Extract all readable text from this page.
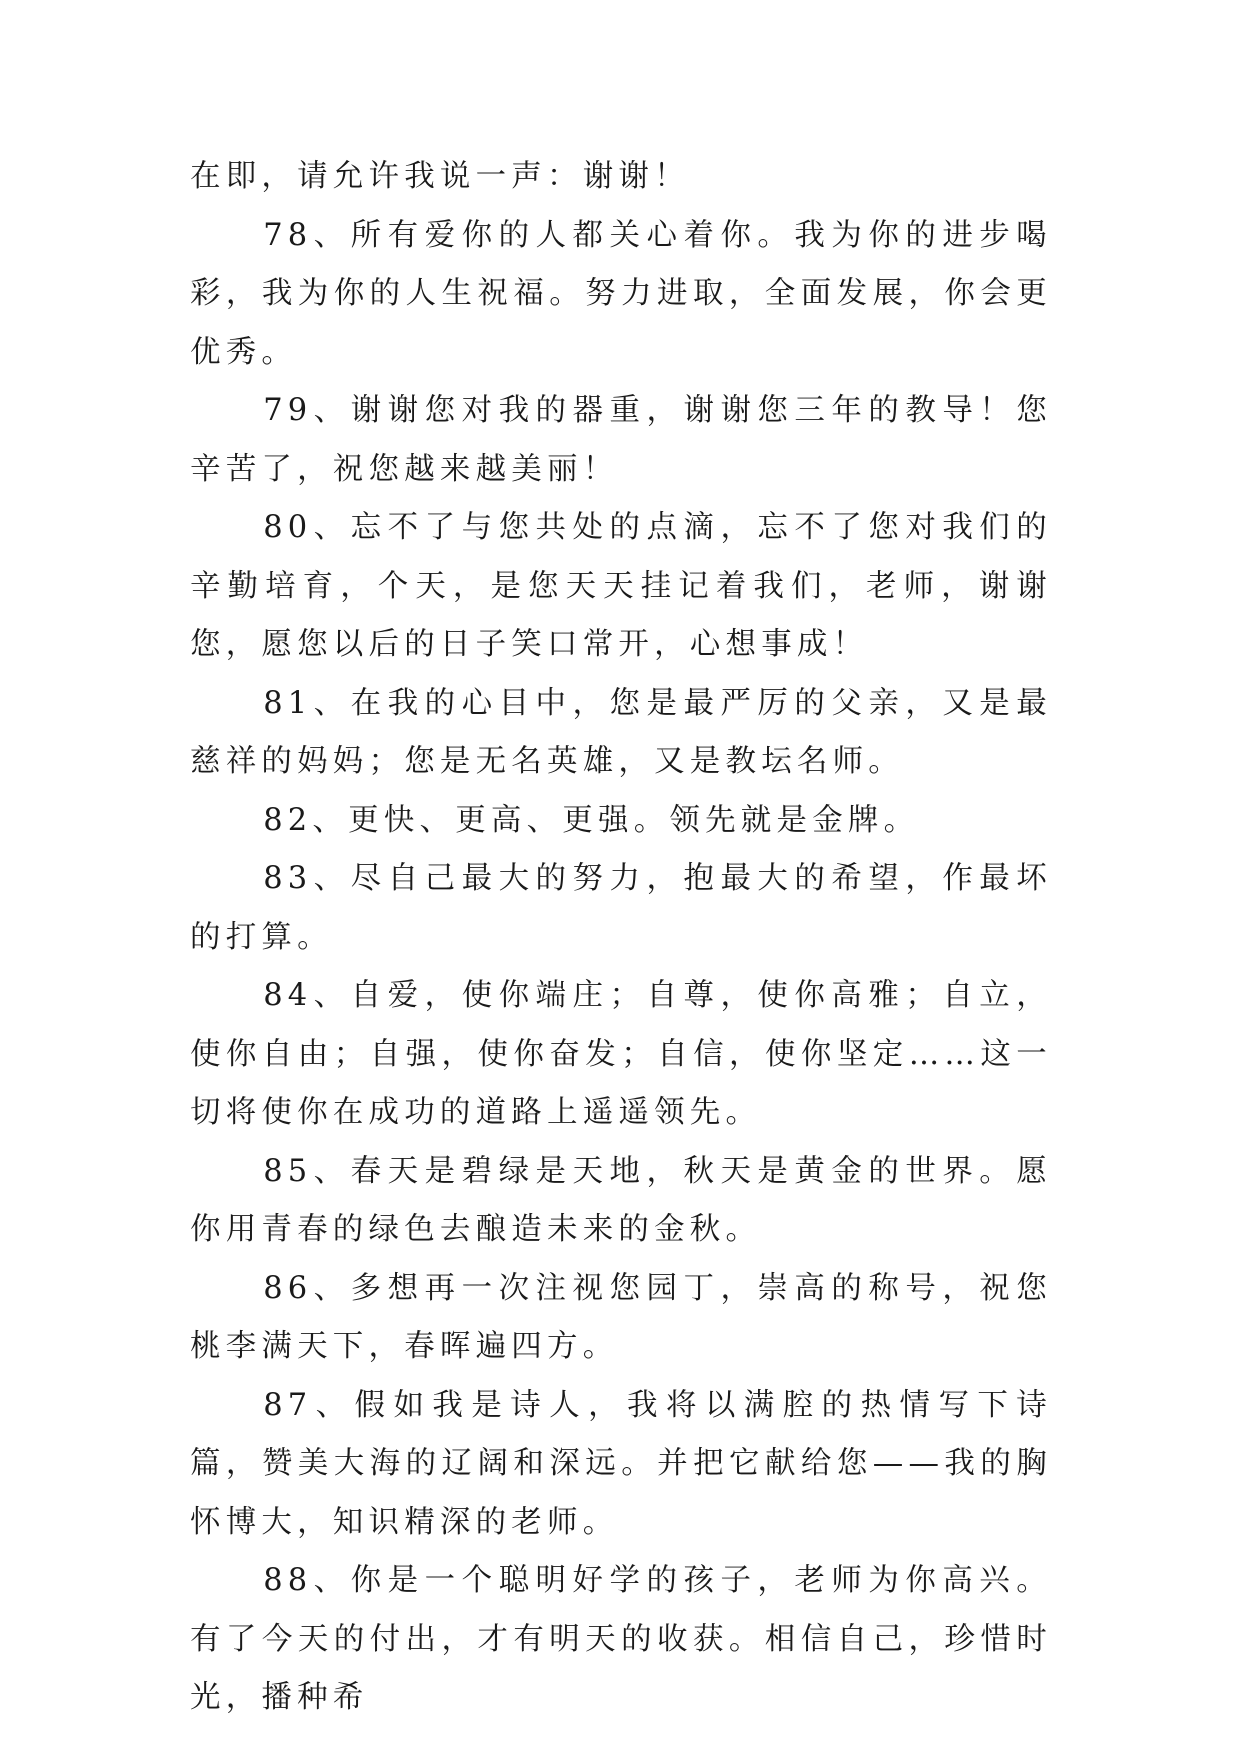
在即，请允许我说一声：谢谢！

78、所有爱你的人都关心着你。我为你的进步喝彩，我为你的人生祝福。努力进取，全面发展，你会更优秀。

79、谢谢您对我的器重，谢谢您三年的教导！您辛苦了，祝您越来越美丽！

80、忘不了与您共处的点滴，忘不了您对我们的辛勤培育，个天，是您天天挂记着我们，老师，谢谢您，愿您以后的日子笑口常开，心想事成！

81、在我的心目中，您是最严厉的父亲，又是最慈祥的妈妈；您是无名英雄，又是教坛名师。

82、更快、更高、更强。领先就是金牌。

83、尽自己最大的努力，抱最大的希望，作最坏的打算。

84、自爱，使你端庄；自尊，使你高雅；自立，使你自由；自强，使你奋发；自信，使你坚定……这一切将使你在成功的道路上遥遥领先。

85、春天是碧绿是天地，秋天是黄金的世界。愿你用青春的绿色去酿造未来的金秋。

86、多想再一次注视您园丁，崇高的称号，祝您桃李满天下，春晖遍四方。

87、假如我是诗人，我将以满腔的热情写下诗篇，赞美大海的辽阔和深远。并把它献给您——我的胸怀博大，知识精深的老师。

88、你是一个聪明好学的孩子，老师为你高兴。有了今天的付出，才有明天的收获。相信自己，珍惜时光，播种希
